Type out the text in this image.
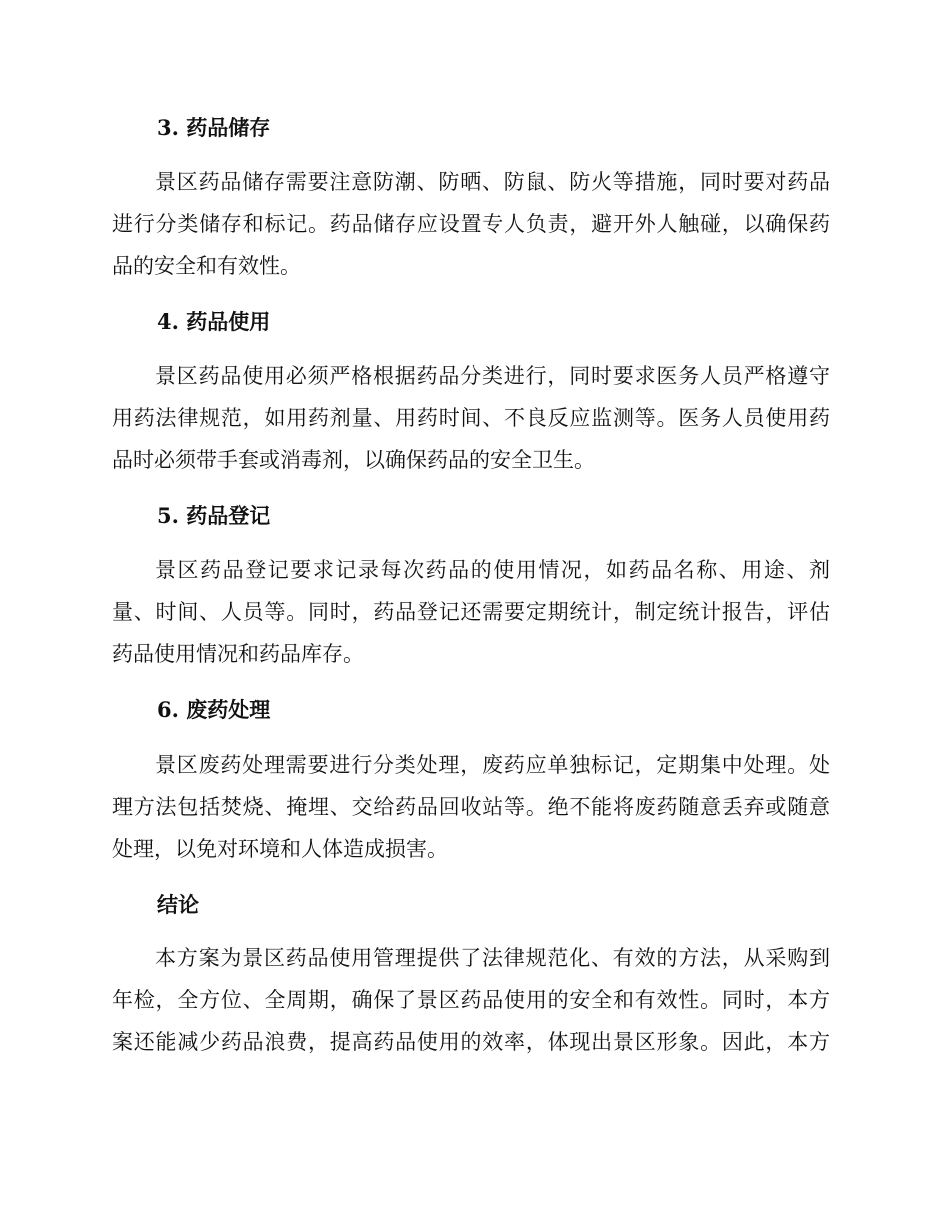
3. 药品储存
景区药品储存需要注意防潮、防晒、防鼠、防火等措施，同时要对药品
进行分类储存和标记。药品储存应设置专人负责，避开外人触碰，以确保药
品的安全和有效性。
4. 药品使用
景区药品使用必须严格根据药品分类进行，同时要求医务人员严格遵守
用药法律规范，如用药剂量、用药时间、不良反应监测等。医务人员使用药
品时必须带手套或消毒剂，以确保药品的安全卫生。
5. 药品登记
景区药品登记要求记录每次药品的使用情况，如药品名称、用途、剂
量、时间、人员等。同时，药品登记还需要定期统计，制定统计报告，评估
药品使用情况和药品库存。
6. 废药处理
景区废药处理需要进行分类处理，废药应单独标记，定期集中处理。处
理方法包括焚烧、掩埋、交给药品回收站等。绝不能将废药随意丢弃或随意
处理，以免对环境和人体造成损害。
结论
本方案为景区药品使用管理提供了法律规范化、有效的方法，从采购到
年检，全方位、全周期，确保了景区药品使用的安全和有效性。同时，本方
案还能减少药品浪费，提高药品使用的效率，体现出景区形象。因此，本方
